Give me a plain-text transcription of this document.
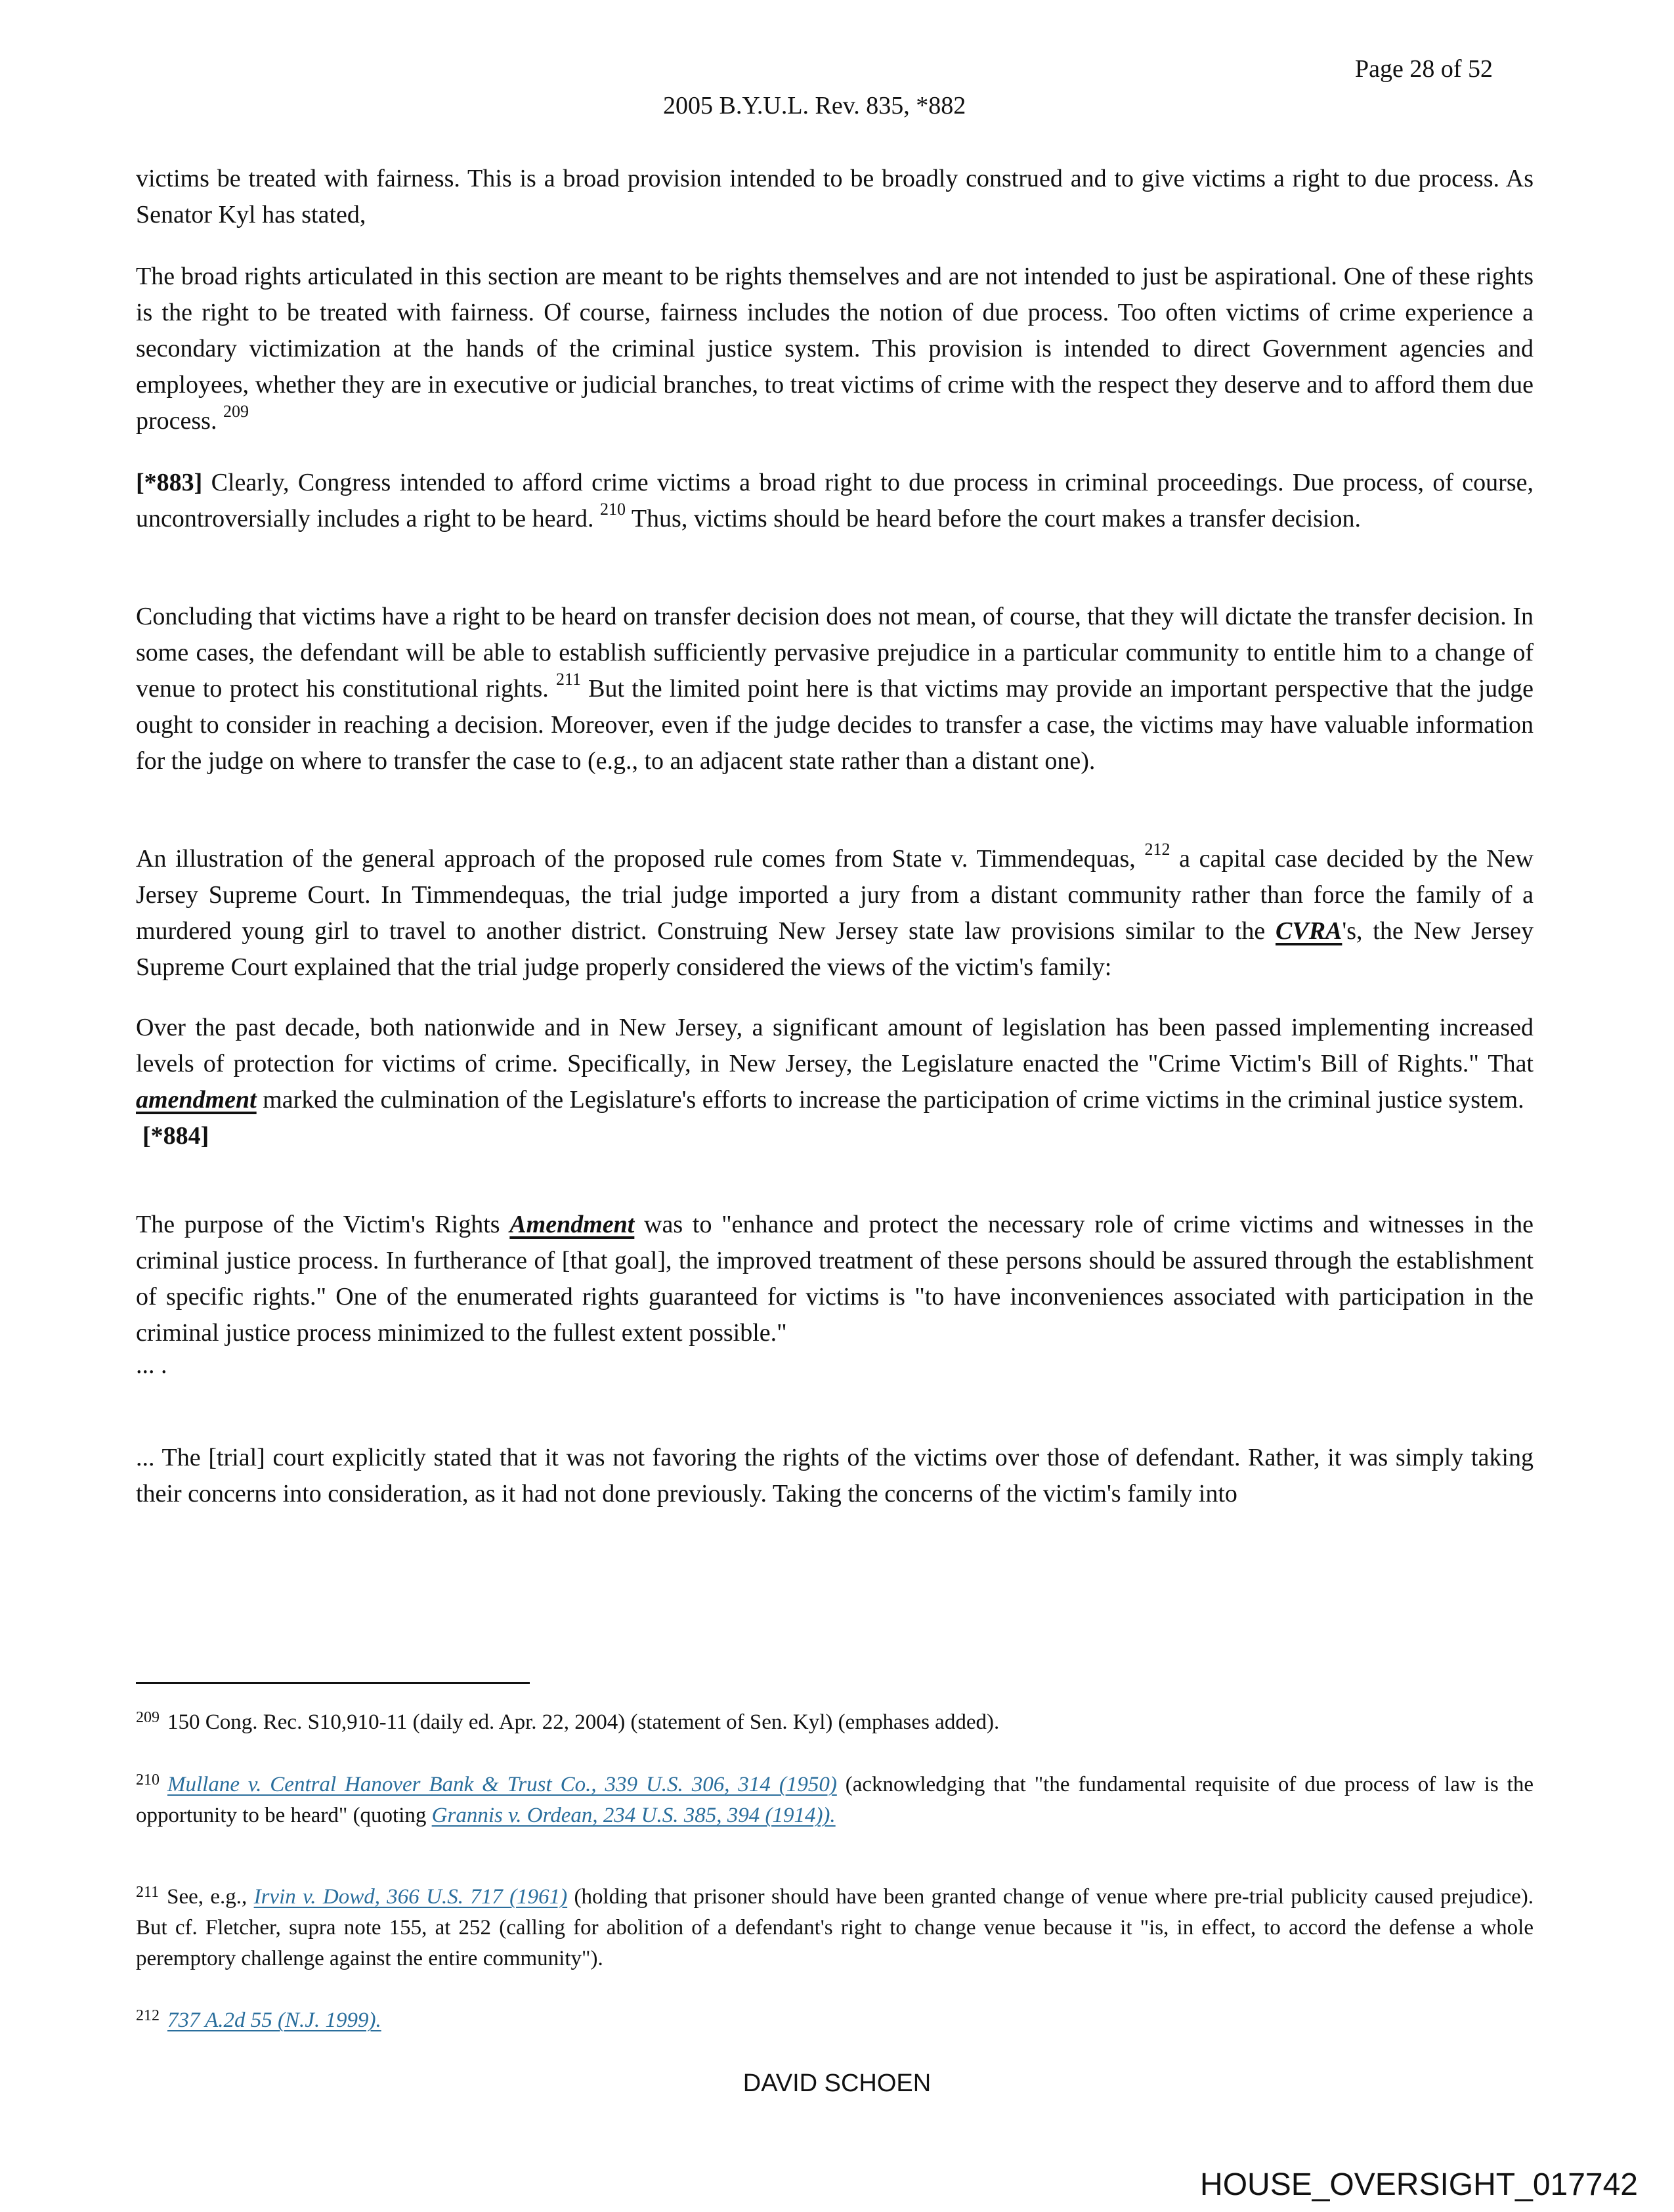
Page 28 of 52
2005 B.Y.U.L. Rev. 835, *882

victims be treated with fairness. This is a broad provision intended to be broadly construed and to give victims a right to due process. As Senator Kyl has stated,

The broad rights articulated in this section are meant to be rights themselves and are not intended to just be aspirational. One of these rights is the right to be treated with fairness. Of course, fairness includes the notion of due process. Too often victims of crime experience a secondary victimization at the hands of the criminal justice system. This provision is intended to direct Government agencies and employees, whether they are in executive or judicial branches, to treat victims of crime with the respect they deserve and to afford them due process. $^{209}$

[*883] Clearly, Congress intended to afford crime victims a broad right to due process in criminal proceedings. Due process, of course, uncontroversially includes a right to be heard. $^{210}$ Thus, victims should be heard before the court makes a transfer decision.

Concluding that victims have a right to be heard on transfer decision does not mean, of course, that they will dictate the transfer decision. In some cases, the defendant will be able to establish sufficiently pervasive prejudice in a particular community to entitle him to a change of venue to protect his constitutional rights. $^{211}$ But the limited point here is that victims may provide an important perspective that the judge ought to consider in reaching a decision. Moreover, even if the judge decides to transfer a case, the victims may have valuable information for the judge on where to transfer the case to (e.g., to an adjacent state rather than a distant one).

An illustration of the general approach of the proposed rule comes from State v. Timmendequas, $^{212}$ a capital case decided by the New Jersey Supreme Court. In Timmendequas, the trial judge imported a jury from a distant community rather than force the family of a murdered young girl to travel to another district. Construing New Jersey state law provisions similar to the CVRA's, the New Jersey Supreme Court explained that the trial judge properly considered the views of the victim's family:

Over the past decade, both nationwide and in New Jersey, a significant amount of legislation has been passed implementing increased levels of protection for victims of crime. Specifically, in New Jersey, the Legislature enacted the "Crime Victim's Bill of Rights." That amendment marked the culmination of the Legislature's efforts to increase the participation of crime victims in the criminal justice system.

[*884]

The purpose of the Victim's Rights Amendment was to "enhance and protect the necessary role of crime victims and witnesses in the criminal justice process. In furtherance of [that goal], the improved treatment of these persons should be assured through the establishment of specific rights." One of the enumerated rights guaranteed for victims is "to have inconveniences associated with participation in the criminal justice process minimized to the fullest extent possible."

... .

... The [trial] court explicitly stated that it was not favoring the rights of the victims over those of defendant. Rather, it was simply taking their concerns into consideration, as it had not done previously. Taking the concerns of the victim's family into

$^{209}$ 150 Cong. Rec. S10,910-11 (daily ed. Apr. 22, 2004) (statement of Sen. Kyl) (emphases added).
$^{210}$ Mullane v. Central Hanover Bank & Trust Co., 339 U.S. 306, 314 (1950) (acknowledging that "the fundamental requisite of due process of law is the opportunity to be heard" (quoting Grannis v. Ordean, 234 U.S. 385, 394 (1914)).
$^{211}$ See, e.g., Irvin v. Dowd, 366 U.S. 717 (1961) (holding that prisoner should have been granted change of venue where pre-trial publicity caused prejudice). But cf. Fletcher, supra note 155, at 252 (calling for abolition of a defendant's right to change venue because it "is, in effect, to accord the defense a whole peremptory challenge against the entire community").
$^{212}$ 737 A.2d 55 (N.J. 1999).
DAVID SCHOEN
HOUSE_OVERSIGHT_017742
